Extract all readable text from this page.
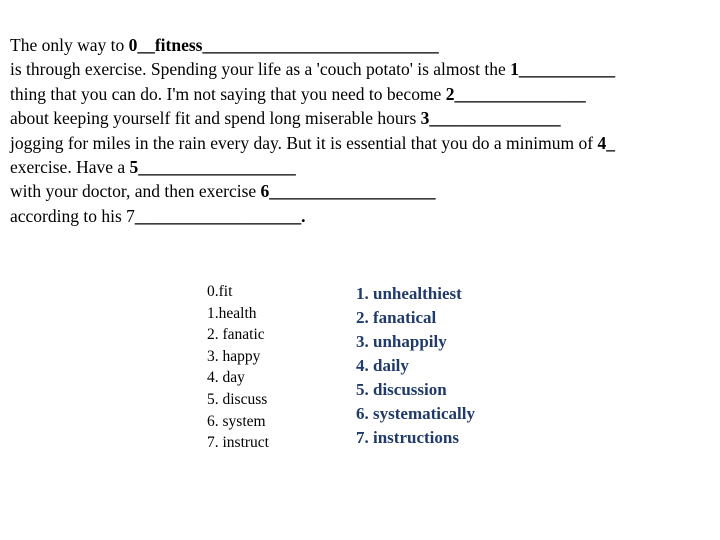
The only way to 0__fitness___________________________
is through exercise. Spending your life as a 'couch potato' is almost the 1___________
thing that you can do. I'm not saying that you need to become 2_______________
about keeping yourself fit and spend long miserable hours 3_______________
jogging for miles in the rain every day. But it is essential that you do a minimum of 4_
exercise. Have a 5__________________
with your doctor, and then exercise 6___________________
according to his 7___________________.
0.fit
1.health
2. fanatic
3. happy
4. day
5. discuss
6. system
7. instruct
1. unhealthiest
2. fanatical
3. unhappily
4. daily
5. discussion
6. systematically
7. instructions
